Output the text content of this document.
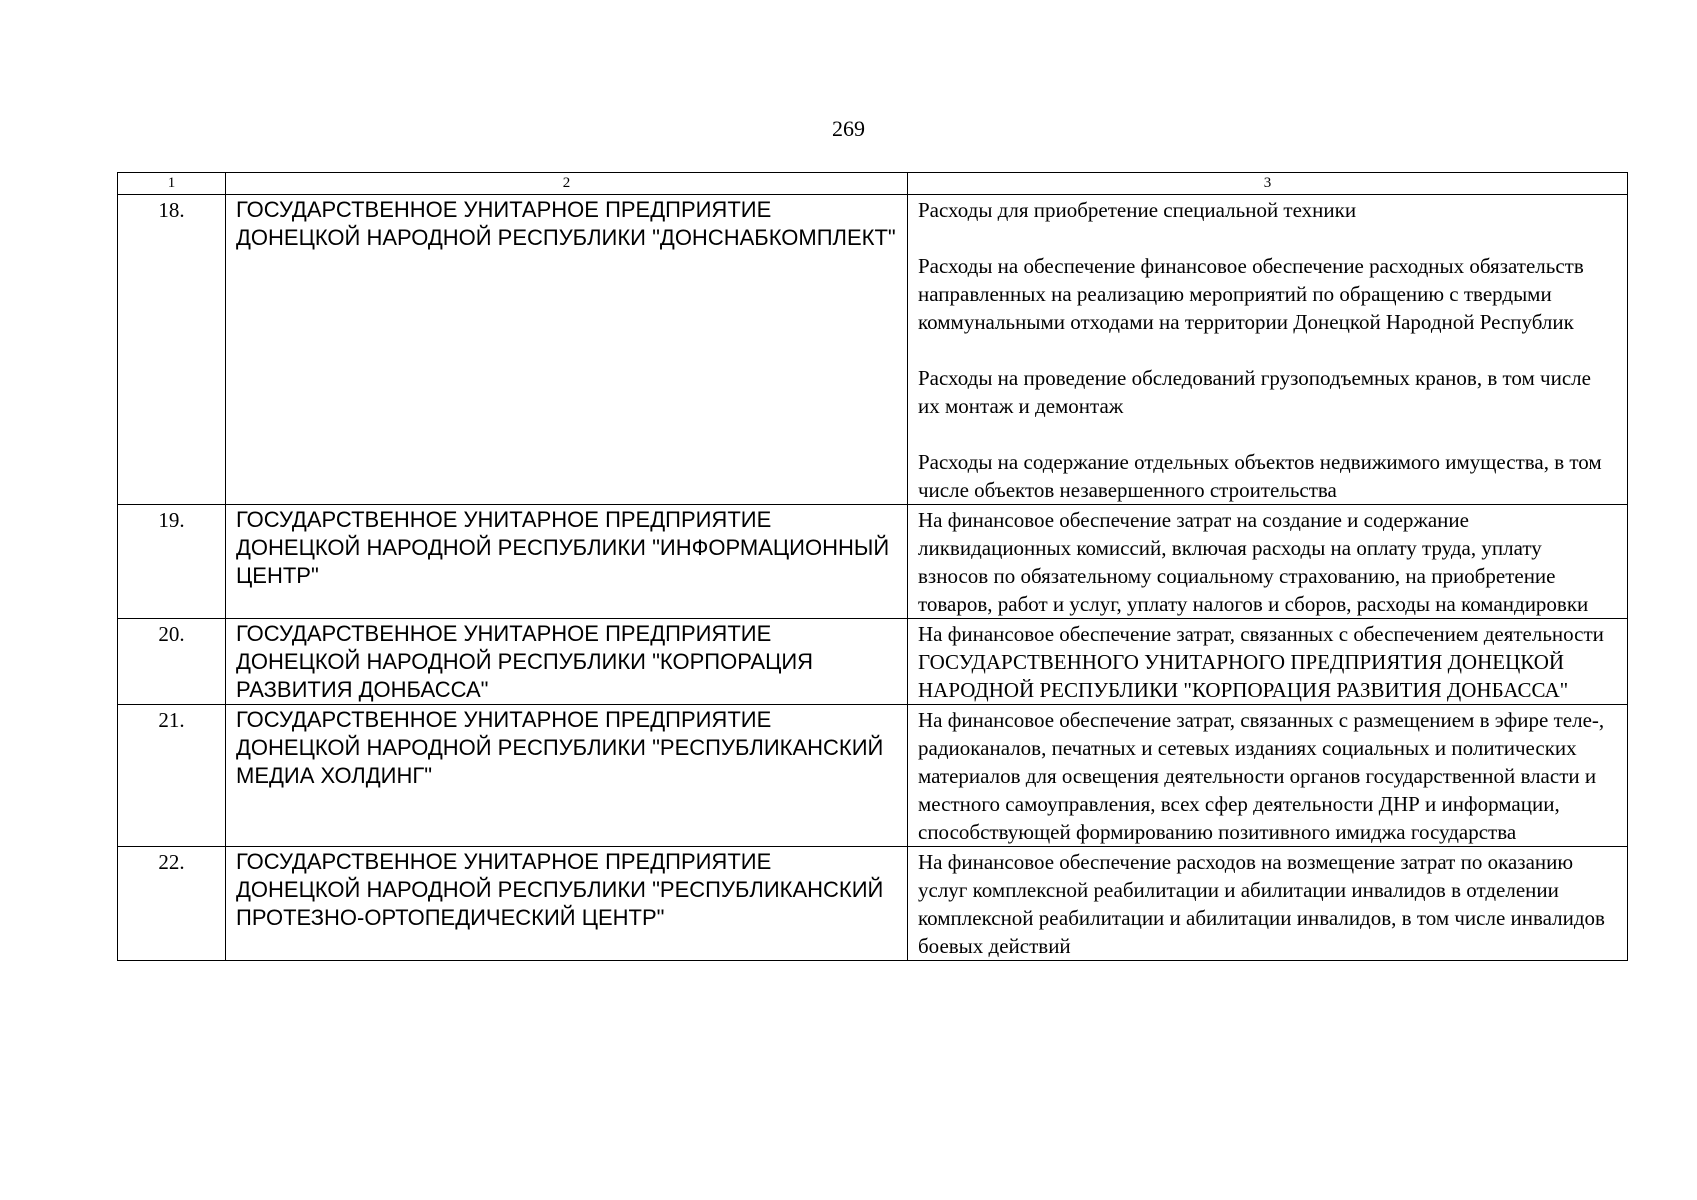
269
1	2	3
18.	ГОСУДАРСТВЕННОЕ УНИТАРНОЕ ПРЕДПРИЯТИЕ ДОНЕЦКОЙ НАРОДНОЙ РЕСПУБЛИКИ "ДОНСНАБКОМПЛЕКТ"	Расходы для приобретение специальной техники

Расходы на обеспечение финансовое обеспечение расходных обязательств направленных на реализацию мероприятий по обращению с твердыми коммунальными отходами на территории Донецкой Народной Республик

Расходы на проведение обследований грузоподъемных кранов, в том числе их монтаж и демонтаж

Расходы на содержание отдельных объектов недвижимого имущества, в том числе объектов незавершенного строительства

19.	ГОСУДАРСТВЕННОЕ УНИТАРНОЕ ПРЕДПРИЯТИЕ ДОНЕЦКОЙ НАРОДНОЙ РЕСПУБЛИКИ "ИНФОРМАЦИОННЫЙ ЦЕНТР"	На финансовое обеспечение затрат на создание и содержание ликвидационных комиссий, включая расходы на оплату труда, уплату взносов по обязательному социальному страхованию, на приобретение товаров, работ и услуг, уплату налогов и сборов, расходы на командировки

20.	ГОСУДАРСТВЕННОЕ УНИТАРНОЕ ПРЕДПРИЯТИЕ ДОНЕЦКОЙ НАРОДНОЙ РЕСПУБЛИКИ "КОРПОРАЦИЯ РАЗВИТИЯ ДОНБАССА"	На финансовое обеспечение затрат, связанных с обеспечением деятельности ГОСУДАРСТВЕННОГО УНИТАРНОГО ПРЕДПРИЯТИЯ ДОНЕЦКОЙ НАРОДНОЙ РЕСПУБЛИКИ "КОРПОРАЦИЯ РАЗВИТИЯ ДОНБАССА"

21.	ГОСУДАРСТВЕННОЕ УНИТАРНОЕ ПРЕДПРИЯТИЕ ДОНЕЦКОЙ НАРОДНОЙ РЕСПУБЛИКИ "РЕСПУБЛИКАНСКИЙ МЕДИА ХОЛДИНГ"	На финансовое обеспечение затрат, связанных с размещением в эфире теле-, радиоканалов, печатных и сетевых изданиях социальных и политических материалов для освещения деятельности органов государственной власти и местного самоуправления, всех сфер деятельности ДНР и информации, способствующей формированию позитивного имиджа государства

22.	ГОСУДАРСТВЕННОЕ УНИТАРНОЕ ПРЕДПРИЯТИЕ ДОНЕЦКОЙ НАРОДНОЙ РЕСПУБЛИКИ "РЕСПУБЛИКАНСКИЙ ПРОТЕЗНО-ОРТОПЕДИЧЕСКИЙ ЦЕНТР"	На финансовое обеспечение расходов на возмещение затрат по оказанию услуг комплексной реабилитации и абилитации инвалидов в отделении комплексной реабилитации и абилитации инвалидов, в том числе инвалидов боевых действий
